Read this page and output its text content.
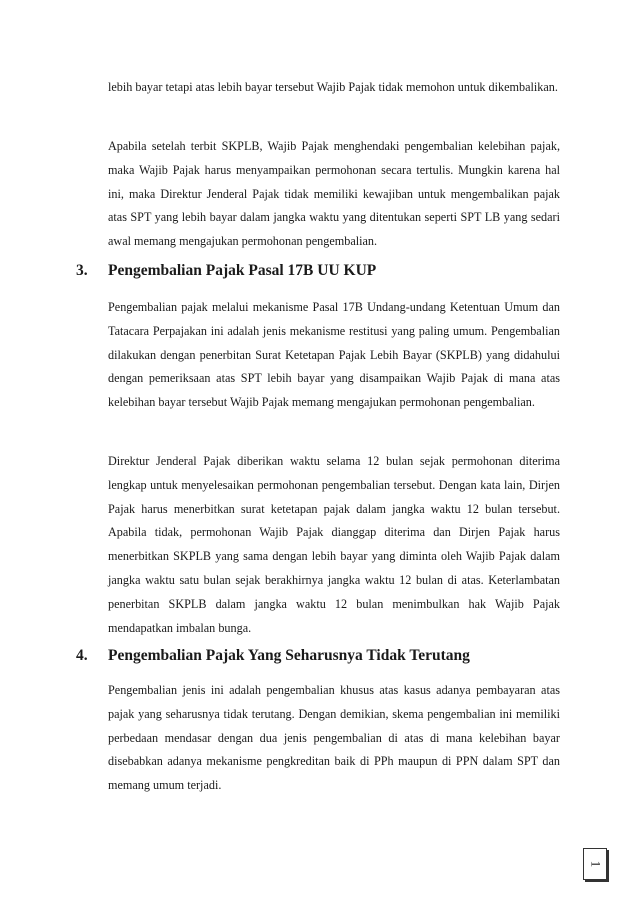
lebih bayar tetapi atas lebih bayar tersebut Wajib Pajak tidak memohon untuk dikembalikan.

Apabila setelah terbit SKPLB, Wajib Pajak menghendaki pengembalian kelebihan pajak, maka Wajib Pajak harus menyampaikan permohonan secara tertulis. Mungkin karena hal ini, maka Direktur Jenderal Pajak tidak memiliki kewajiban untuk mengembalikan pajak atas SPT yang lebih bayar dalam jangka waktu yang ditentukan seperti SPT LB yang sedari awal memang mengajukan permohonan pengembalian.

3. Pengembalian Pajak Pasal 17B UU KUP

Pengembalian pajak melalui mekanisme Pasal 17B Undang-undang Ketentuan Umum dan Tatacara Perpajakan ini adalah jenis mekanisme restitusi yang paling umum. Pengembalian dilakukan dengan penerbitan Surat Ketetapan Pajak Lebih Bayar (SKPLB) yang didahului dengan pemeriksaan atas SPT lebih bayar yang disampaikan Wajib Pajak di mana atas kelebihan bayar tersebut Wajib Pajak memang mengajukan permohonan pengembalian.

Direktur Jenderal Pajak diberikan waktu selama 12 bulan sejak permohonan diterima lengkap untuk menyelesaikan permohonan pengembalian tersebut. Dengan kata lain, Dirjen Pajak harus menerbitkan surat ketetapan pajak dalam jangka waktu 12 bulan tersebut. Apabila tidak, permohonan Wajib Pajak dianggap diterima dan Dirjen Pajak harus menerbitkan SKPLB yang sama dengan lebih bayar yang diminta oleh Wajib Pajak dalam jangka waktu satu bulan sejak berakhirnya jangka waktu 12 bulan di atas. Keterlambatan penerbitan SKPLB dalam jangka waktu 12 bulan menimbulkan hak Wajib Pajak mendapatkan imbalan bunga.

4. Pengembalian Pajak Yang Seharusnya Tidak Terutang

Pengembalian jenis ini adalah pengembalian khusus atas kasus adanya pembayaran atas pajak yang seharusnya tidak terutang. Dengan demikian, skema pengembalian ini memiliki perbedaan mendasar dengan dua jenis pengembalian di atas di mana kelebihan bayar disebabkan adanya mekanisme pengkreditan baik di PPh maupun di PPN dalam SPT dan memang umum terjadi.

1
